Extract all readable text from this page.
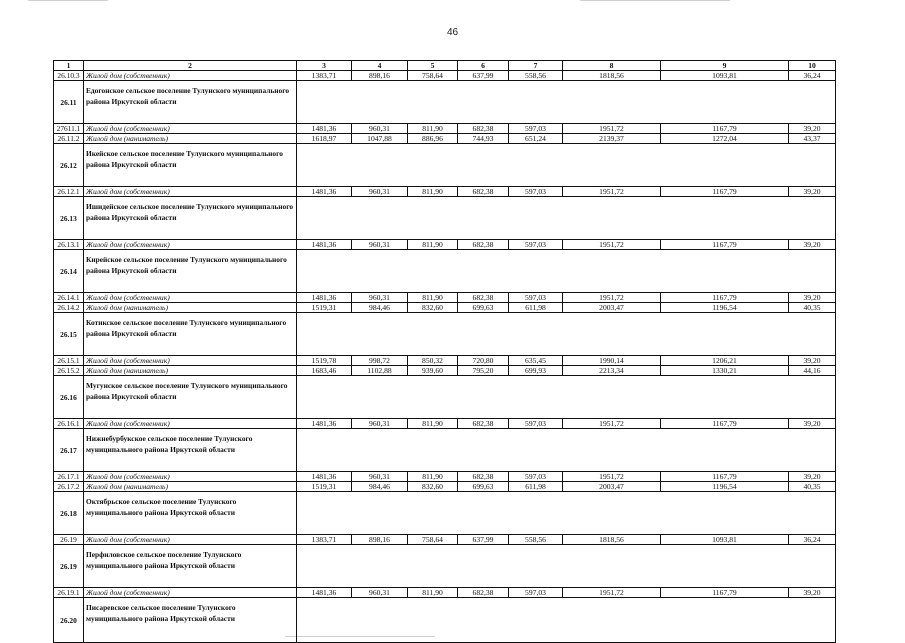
46
1	2	3	4	5	6	7	8	9	10
26.10.3	Жилой дом (собственник)	1383,71	898,16	758,64	637,99	558,56	1818,56	1093,81	36,24
26.11	Едогонское сельское поселение Тулунского муниципального района Иркутской области								
27611.1	Жилой дом (собственник)	1481,36	960,31	811,90	682,38	597,03	1951,72	1167,79	39,20
26.11.2	Жилой дом (наниматель)	1618,97	1047,88	886,96	744,93	651,24	2139,37	1272,04	43,37
26.12	Икейское сельское поселение Тулунского муниципального района Иркутской области								
26.12.1	Жилой дом (собственник)	1481,36	960,31	811,90	682,38	597,03	1951,72	1167,79	39,20
26.13	Ишидейское сельское поселение Тулунского муниципального района Иркутской области								
26.13.1	Жилой дом (собственник)	1481,36	960,31	811,90	682,38	597,03	1951,72	1167,79	39,20
26.14	Кирейское сельское поселение Тулунского муниципального района Иркутской области								
26.14.1	Жилой дом (собственник)	1481,36	960,31	811,90	682,38	597,03	1951,72	1167,79	39,20
26.14.2	Жилой дом (наниматель)	1519,31	984,46	832,60	699,63	611,98	2003,47	1196,54	40,35
26.15	Котикское сельское поселение Тулунского муниципального района Иркутской области								
26.15.1	Жилой дом (собственник)	1519,78	998,72	850,32	720,80	635,45	1990,14	1206,21	39,20
26.15.2	Жилой дом (наниматель)	1683,46	1102,88	939,60	795,20	699,93	2213,34	1330,21	44,16
26.16	Мугунское сельское поселение Тулунского муниципального района Иркутской области								
26.16.1	Жилой дом (собственник)	1481,36	960,31	811,90	682,38	597,03	1951,72	1167,79	39,20
26.17	Нижнебурбукское сельское поселение Тулунского муниципального района Иркутской области								
26.17.1	Жилой дом (собственник)	1481,36	960,31	811,90	682,38	597,03	1951,72	1167,79	39,20
26.17.2	Жилой дом (наниматель)	1519,31	984,46	832,60	699,63	611,98	2003,47	1196,54	40,35
26.18	Октябрьское сельское поселение Тулунского муниципального района Иркутской области								
26.19	Жилой дом (собственник)	1383,71	898,16	758,64	637,99	558,56	1818,56	1093,81	36,24
26.19	Перфиловское сельское поселение Тулунского муниципального района Иркутской области								
26.19.1	Жилой дом (собственник)	1481,36	960,31	811,90	682,38	597,03	1951,72	1167,79	39,20
26.20	Писаревское сельское поселение Тулунского муниципального района Иркутской области								
